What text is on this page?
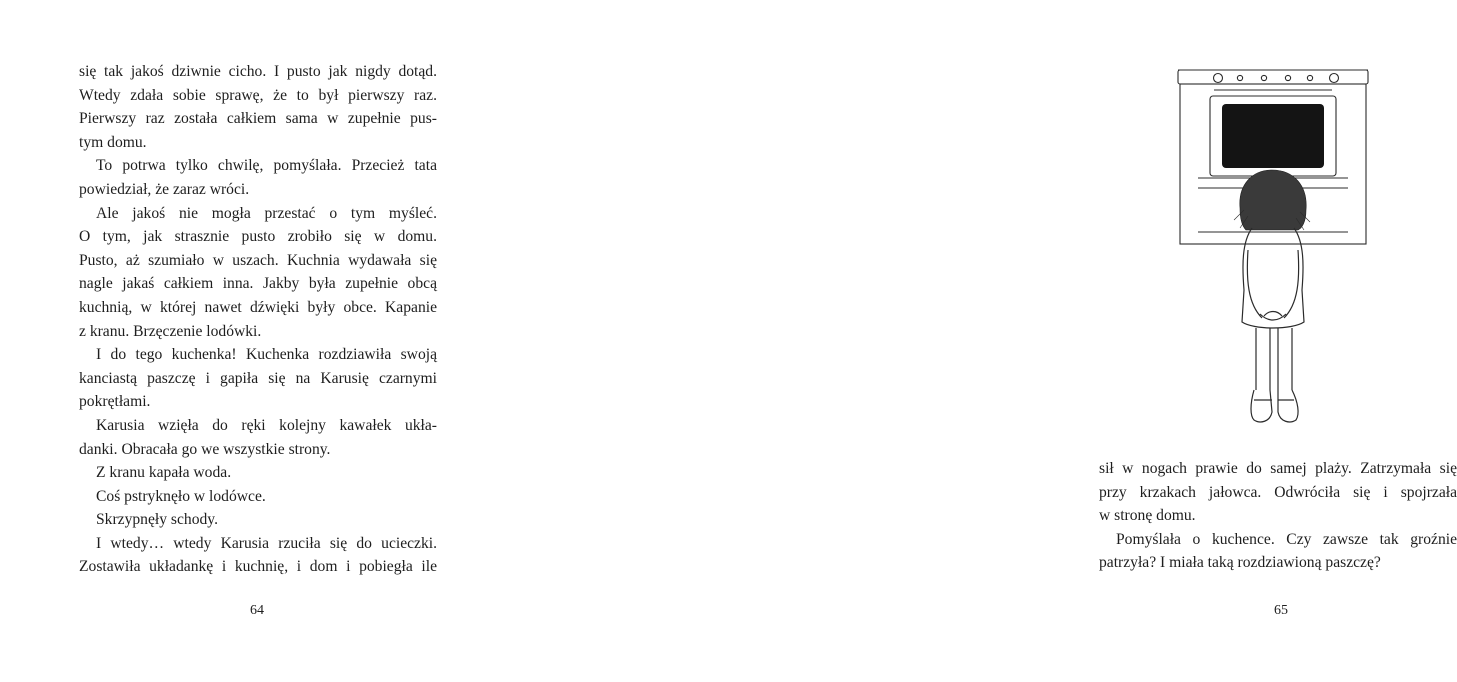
się tak jakoś dziwnie cicho. I pusto jak nigdy dotąd.
Wtedy zdała sobie sprawę, że to był pierwszy raz.
Pierwszy raz została całkiem sama w zupełnie pus-
tym domu.
To potrwa tylko chwilę, pomyślała. Przecież tata
powiedział, że zaraz wróci.
Ale jakoś nie mogła przestać o tym myśleć.
O tym, jak strasznie pusto zrobiło się w domu.
Pusto, aż szumiało w uszach. Kuchnia wydawała się
nagle jakaś całkiem inna. Jakby była zupełnie obcą
kuchnią, w której nawet dźwięki były obce. Kapanie
z kranu. Brzęczenie lodówki.
I do tego kuchenka! Kuchenka rozdziawiła swoją
kanciastą paszczę i gapiła się na Karusię czarnymi
pokrętłami.
Karusia wzięła do ręki kolejny kawałek ukła-
danki. Obracała go we wszystkie strony.
Z kranu kapała woda.
Coś pstryknęło w lodówce.
Skrzypnęły schody.
I wtedy… wtedy Karusia rzuciła się do ucieczki.
Zostawiła układankę i kuchnię, i dom i pobiegła ile
64
sił w nogach prawie do samej plaży. Zatrzymała się
przy krzakach jałowca. Odwróciła się i spojrzała
w stronę domu.
Pomyślała o kuchence. Czy zawsze tak groźnie
patrzyła? I miała taką rozdziawioną paszczę?
65
